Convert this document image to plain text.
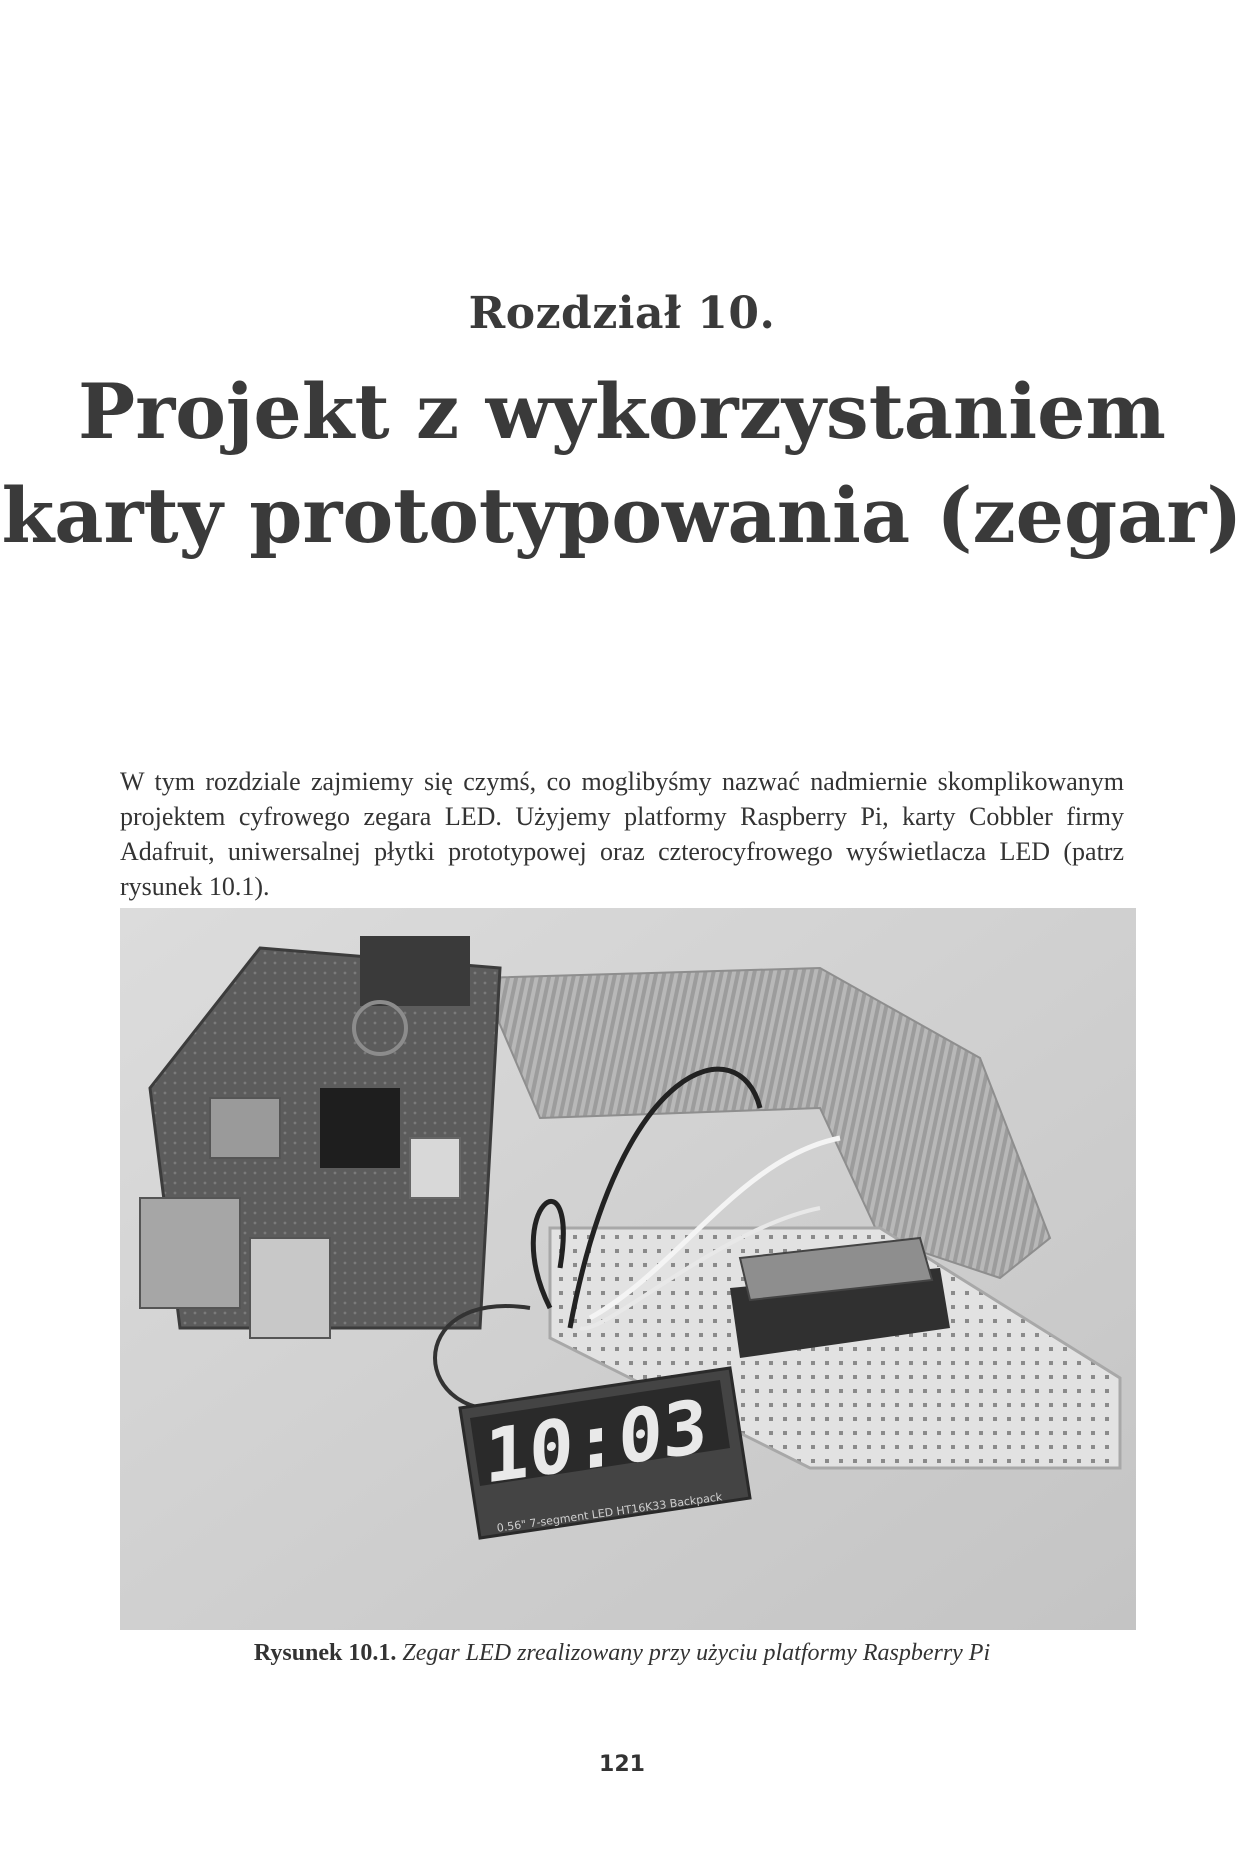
Rozdział 10.
Projekt z wykorzystaniem
karty prototypowania (zegar)

W tym rozdziale zajmiemy się czymś, co moglibyśmy nazwać nadmiernie skomplikowanym projektem cyfrowego zegara LED. Użyjemy platformy Raspberry Pi, karty Cobbler firmy Adafruit, uniwersalnej płytki prototypowej oraz czterocyfrowego wyświetlacza LED (patrz rysunek 10.1).

10:03
0.56" 7-segment LED HT16K33 Backpack
Rysunek 10.1. Zegar LED zrealizowany przy użyciu platformy Raspberry Pi
121
